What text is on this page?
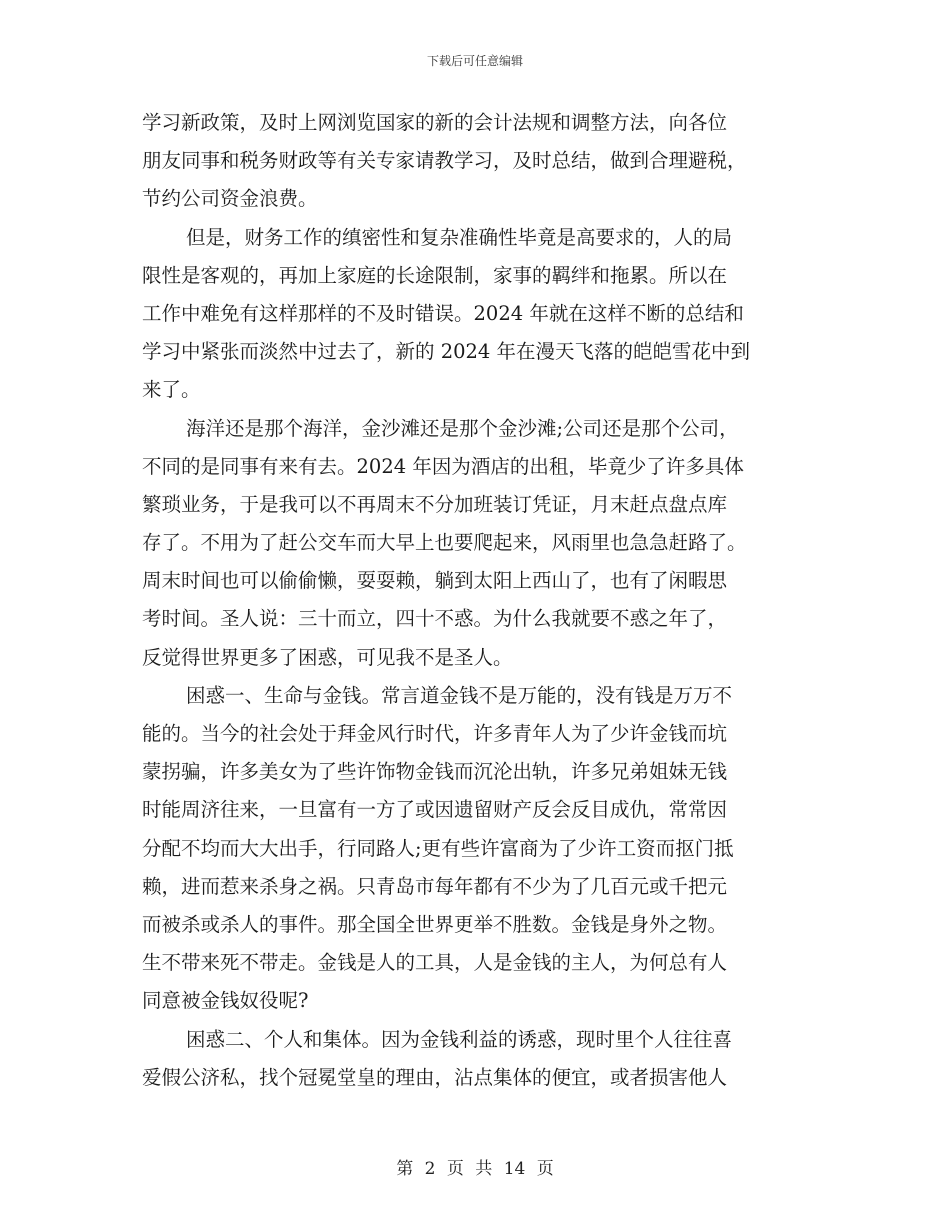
下载后可任意编辑
学习新政策，及时上网浏览国家的新的会计法规和调整方法，向各位
朋友同事和税务财政等有关专家请教学习，及时总结，做到合理避税，
节约公司资金浪费。
但是，财务工作的缜密性和复杂准确性毕竟是高要求的，人的局
限性是客观的，再加上家庭的长途限制，家事的羁绊和拖累。所以在
工作中难免有这样那样的不及时错误。2024 年就在这样不断的总结和
学习中紧张而淡然中过去了，新的 2024 年在漫天飞落的皑皑雪花中到
来了。
海洋还是那个海洋，金沙滩还是那个金沙滩;公司还是那个公司，
不同的是同事有来有去。2024 年因为酒店的出租，毕竟少了许多具体
繁琐业务，于是我可以不再周末不分加班装订凭证，月末赶点盘点库
存了。不用为了赶公交车而大早上也要爬起来，风雨里也急急赶路了。
周末时间也可以偷偷懒，耍耍赖，躺到太阳上西山了，也有了闲暇思
考时间。圣人说：三十而立，四十不惑。为什么我就要不惑之年了，
反觉得世界更多了困惑，可见我不是圣人。
困惑一、生命与金钱。常言道金钱不是万能的，没有钱是万万不
能的。当今的社会处于拜金风行时代，许多青年人为了少许金钱而坑
蒙拐骗，许多美女为了些许饰物金钱而沉沦出轨，许多兄弟姐妹无钱
时能周济往来，一旦富有一方了或因遗留财产反会反目成仇，常常因
分配不均而大大出手，行同路人;更有些许富商为了少许工资而抠门抵
赖，进而惹来杀身之祸。只青岛市每年都有不少为了几百元或千把元
而被杀或杀人的事件。那全国全世界更举不胜数。金钱是身外之物。
生不带来死不带走。金钱是人的工具，人是金钱的主人，为何总有人
同意被金钱奴役呢?
困惑二、个人和集体。因为金钱利益的诱惑，现时里个人往往喜
爱假公济私，找个冠冕堂皇的理由，沾点集体的便宜，或者损害他人
第 2 页 共 14 页
